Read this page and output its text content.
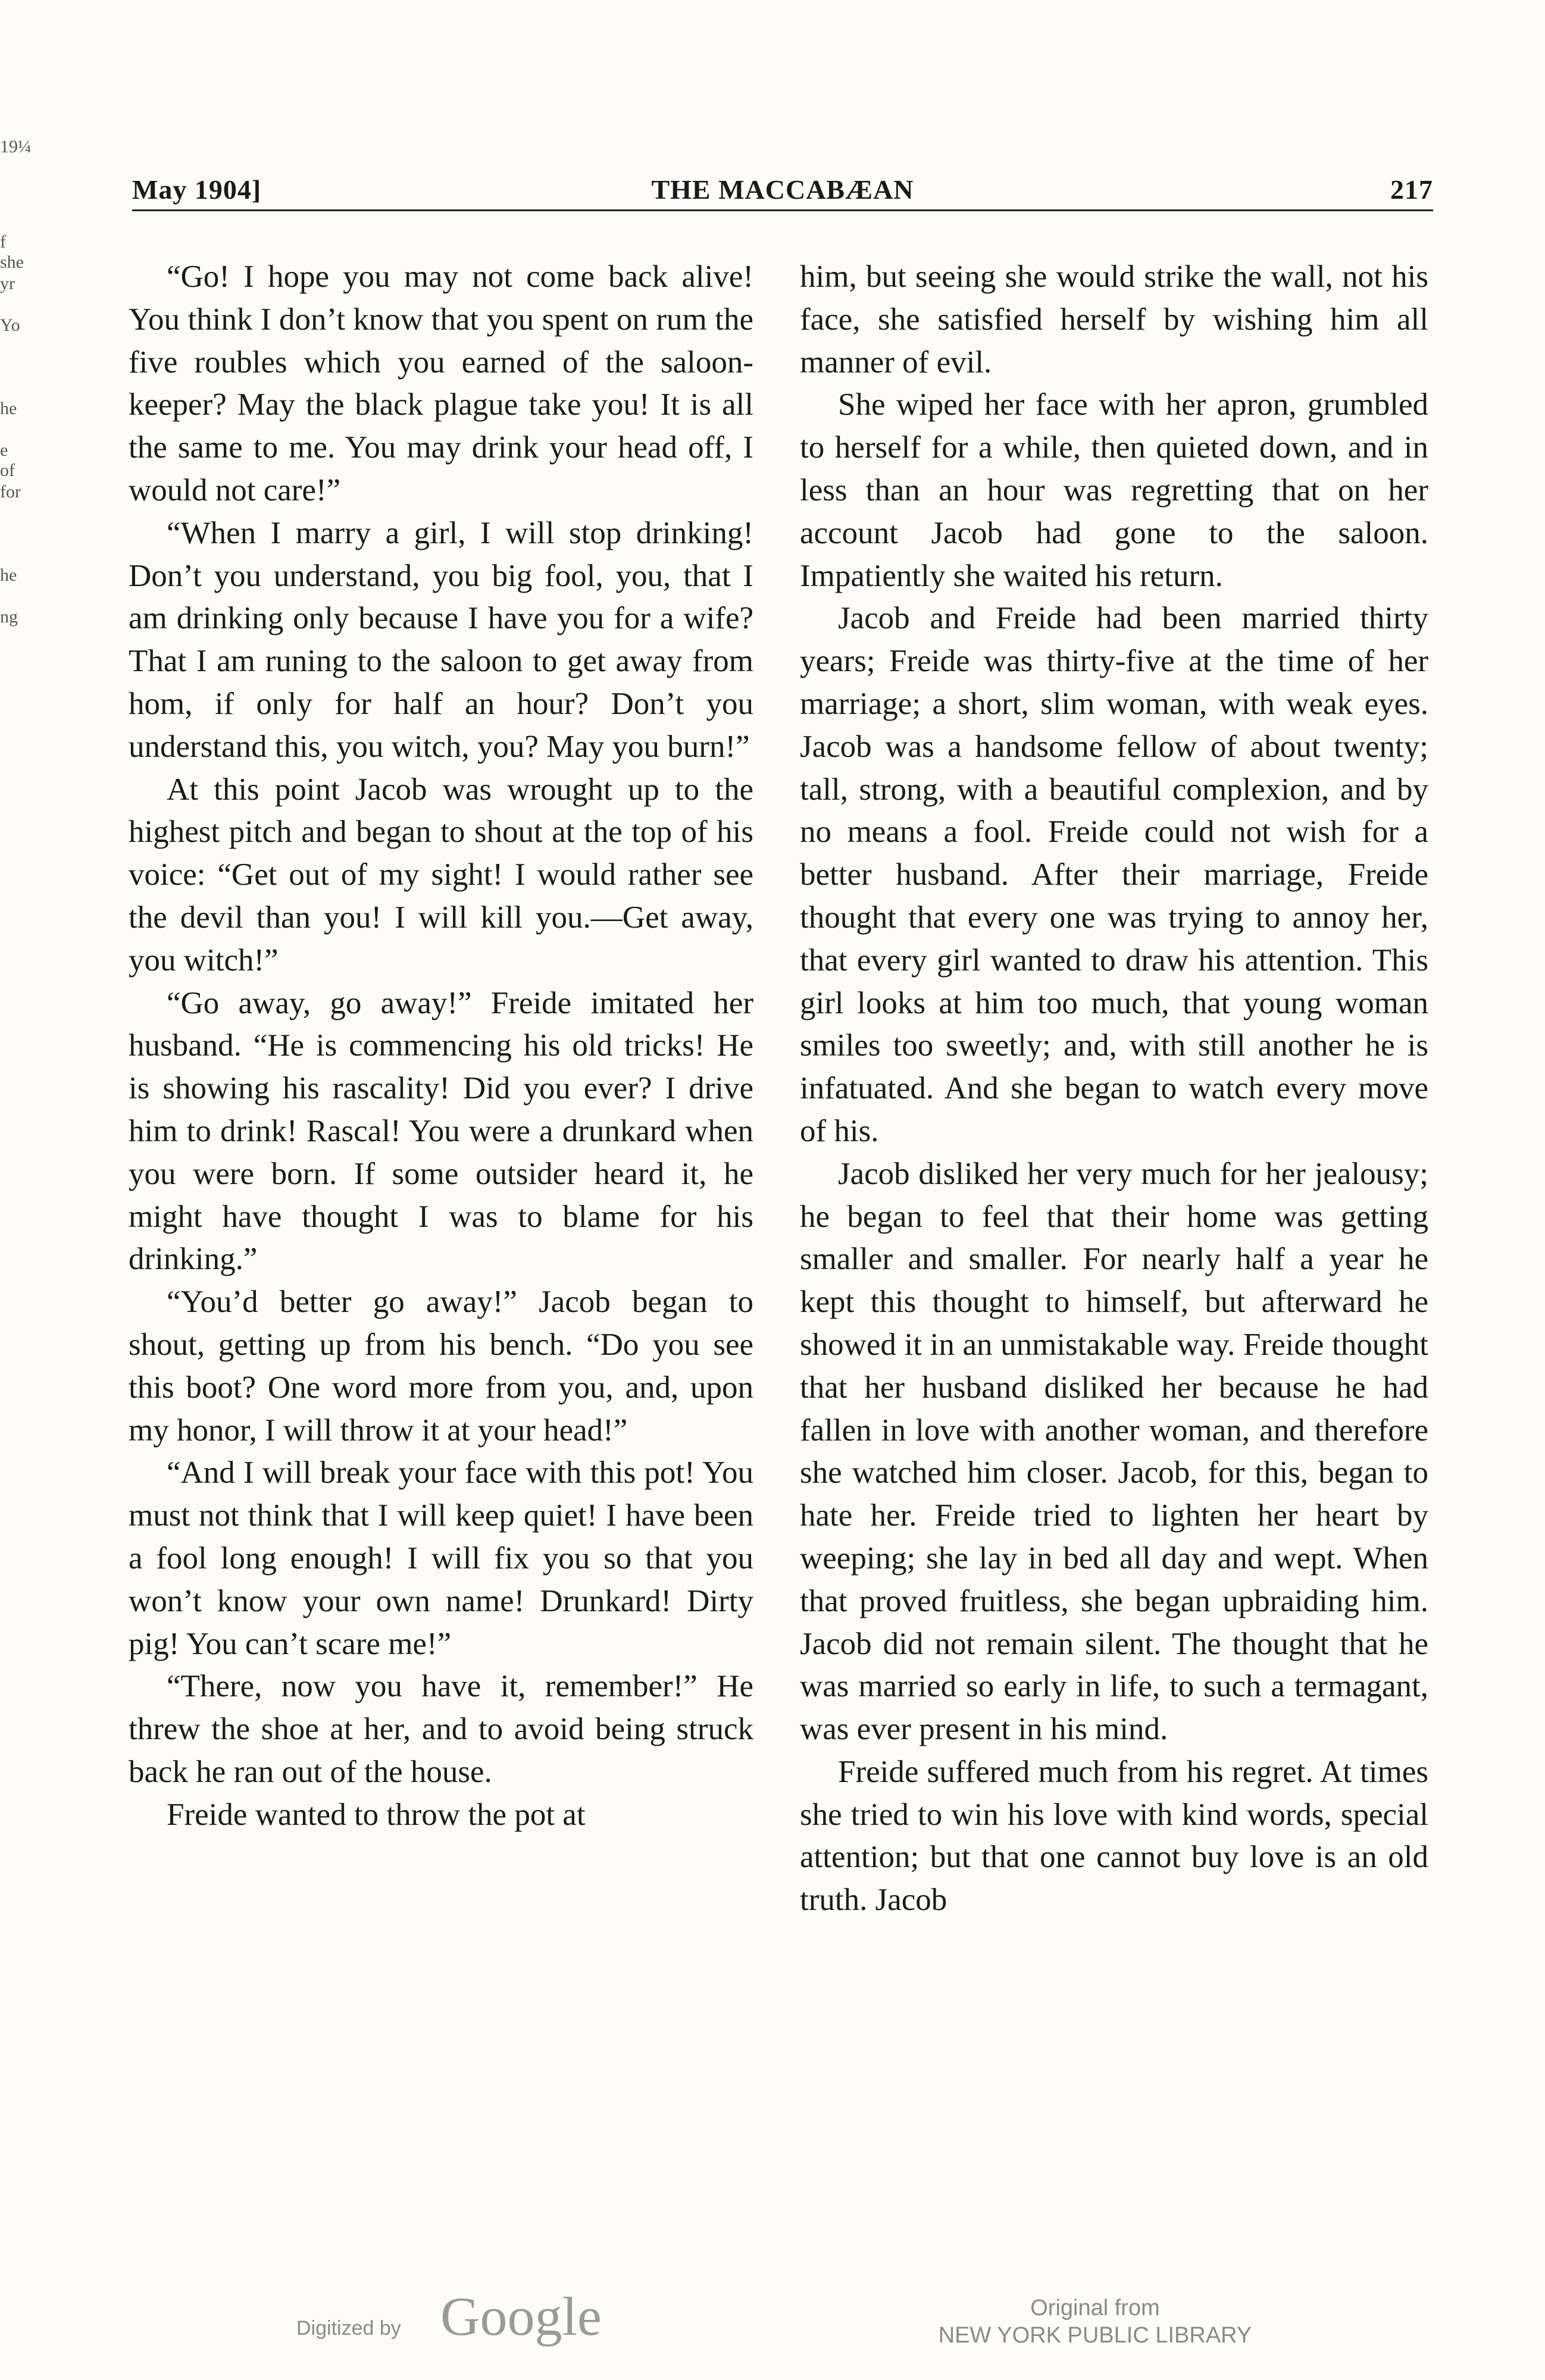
19¼
f she
yr
Yo
he
e of
for
he
ng
May 1904]	THE MACCABÆAN	217

“Go! I hope you may not come back alive! You think I don’t know that you spent on rum the five roubles which you earned of the saloon-keeper? May the black plague take you! It is all the same to me. You may drink your head off, I would not care!”

“When I marry a girl, I will stop drinking! Don’t you understand, you big fool, you, that I am drinking only because I have you for a wife? That I am runing to the saloon to get away from hom, if only for half an hour? Don’t you understand this, you witch, you? May you burn!”

At this point Jacob was wrought up to the highest pitch and began to shout at the top of his voice: “Get out of my sight! I would rather see the devil than you! I will kill you.—Get away, you witch!”

“Go away, go away!” Freide imitated her husband. “He is commencing his old tricks! He is showing his rascality! Did you ever? I drive him to drink! Rascal! You were a drunkard when you were born. If some outsider heard it, he might have thought I was to blame for his drinking.”

“You’d better go away!” Jacob began to shout, getting up from his bench. “Do you see this boot? One word more from you, and, upon my honor, I will throw it at your head!”

“And I will break your face with this pot! You must not think that I will keep quiet! I have been a fool long enough! I will fix you so that you won’t know your own name! Drunkard! Dirty pig! You can’t scare me!”

“There, now you have it, remember!” He threw the shoe at her, and to avoid being struck back he ran out of the house.

Freide wanted to throw the pot at

him, but seeing she would strike the wall, not his face, she satisfied herself by wishing him all manner of evil.

She wiped her face with her apron, grumbled to herself for a while, then quieted down, and in less than an hour was regretting that on her account Jacob had gone to the saloon. Impatiently she waited his return.

Jacob and Freide had been married thirty years; Freide was thirty-five at the time of her marriage; a short, slim woman, with weak eyes. Jacob was a handsome fellow of about twenty; tall, strong, with a beautiful complexion, and by no means a fool. Freide could not wish for a better husband. After their marriage, Freide thought that every one was trying to annoy her, that every girl wanted to draw his attention. This girl looks at him too much, that young woman smiles too sweetly; and, with still another he is infatuated. And she began to watch every move of his.

Jacob disliked her very much for her jealousy; he began to feel that their home was getting smaller and smaller. For nearly half a year he kept this thought to himself, but afterward he showed it in an unmistakable way. Freide thought that her husband disliked her because he had fallen in love with another woman, and therefore she watched him closer. Jacob, for this, began to hate her. Freide tried to lighten her heart by weeping; she lay in bed all day and wept. When that proved fruitless, she began upbraiding him. Jacob did not remain silent. The thought that he was married so early in life, to such a termagant, was ever present in his mind.

Freide suffered much from his regret. At times she tried to win his love with kind words, special attention; but that one cannot buy love is an old truth. Jacob

Digitized by Google	Original from
NEW YORK PUBLIC LIBRARY
